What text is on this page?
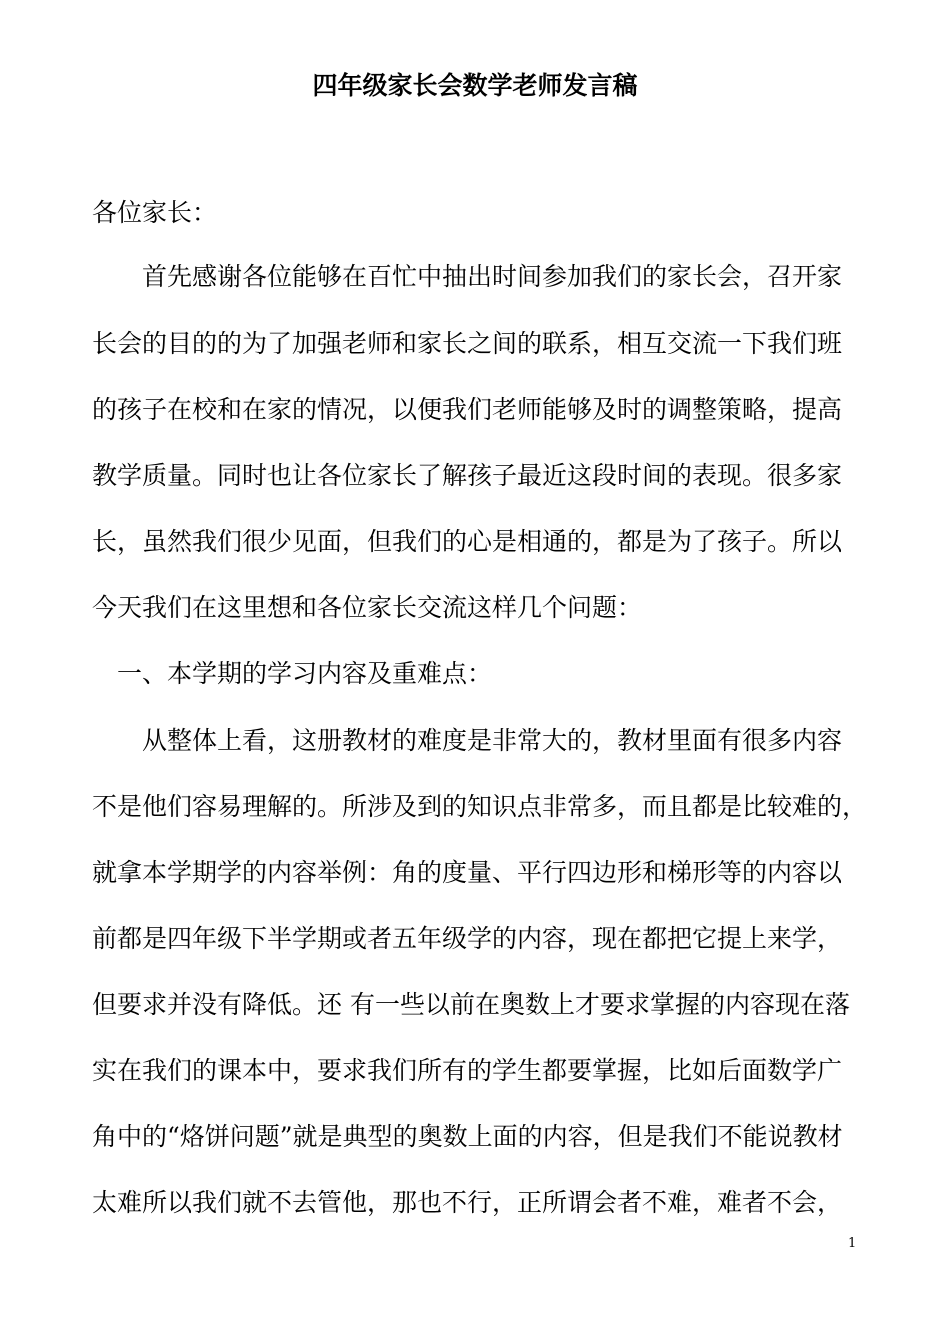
四年级家长会数学老师发言稿
各位家长：
首先感谢各位能够在百忙中抽出时间参加我们的家长会，召开家
长会的目的的为了加强老师和家长之间的联系，相互交流一下我们班
的孩子在校和在家的情况，以便我们老师能够及时的调整策略，提高
教学质量。同时也让各位家长了解孩子最近这段时间的表现。很多家
长，虽然我们很少见面，但我们的心是相通的，都是为了孩子。所以
今天我们在这里想和各位家长交流这样几个问题：
一、本学期的学习内容及重难点：
从整体上看，这册教材的难度是非常大的，教材里面有很多内容
不是他们容易理解的。所涉及到的知识点非常多，而且都是比较难的，
就拿本学期学的内容举例：角的度量、平行四边形和梯形等的内容以
前都是四年级下半学期或者五年级学的内容，现在都把它提上来学，
但要求并没有降低。还 有一些以前在奥数上才要求掌握的内容现在落
实在我们的课本中，要求我们所有的学生都要掌握，比如后面数学广
角中的“烙饼问题”就是典型的奥数上面的内容，但是我们不能说教材
太难所以我们就不去管他，那也不行，正所谓会者不难，难者不会，
1
